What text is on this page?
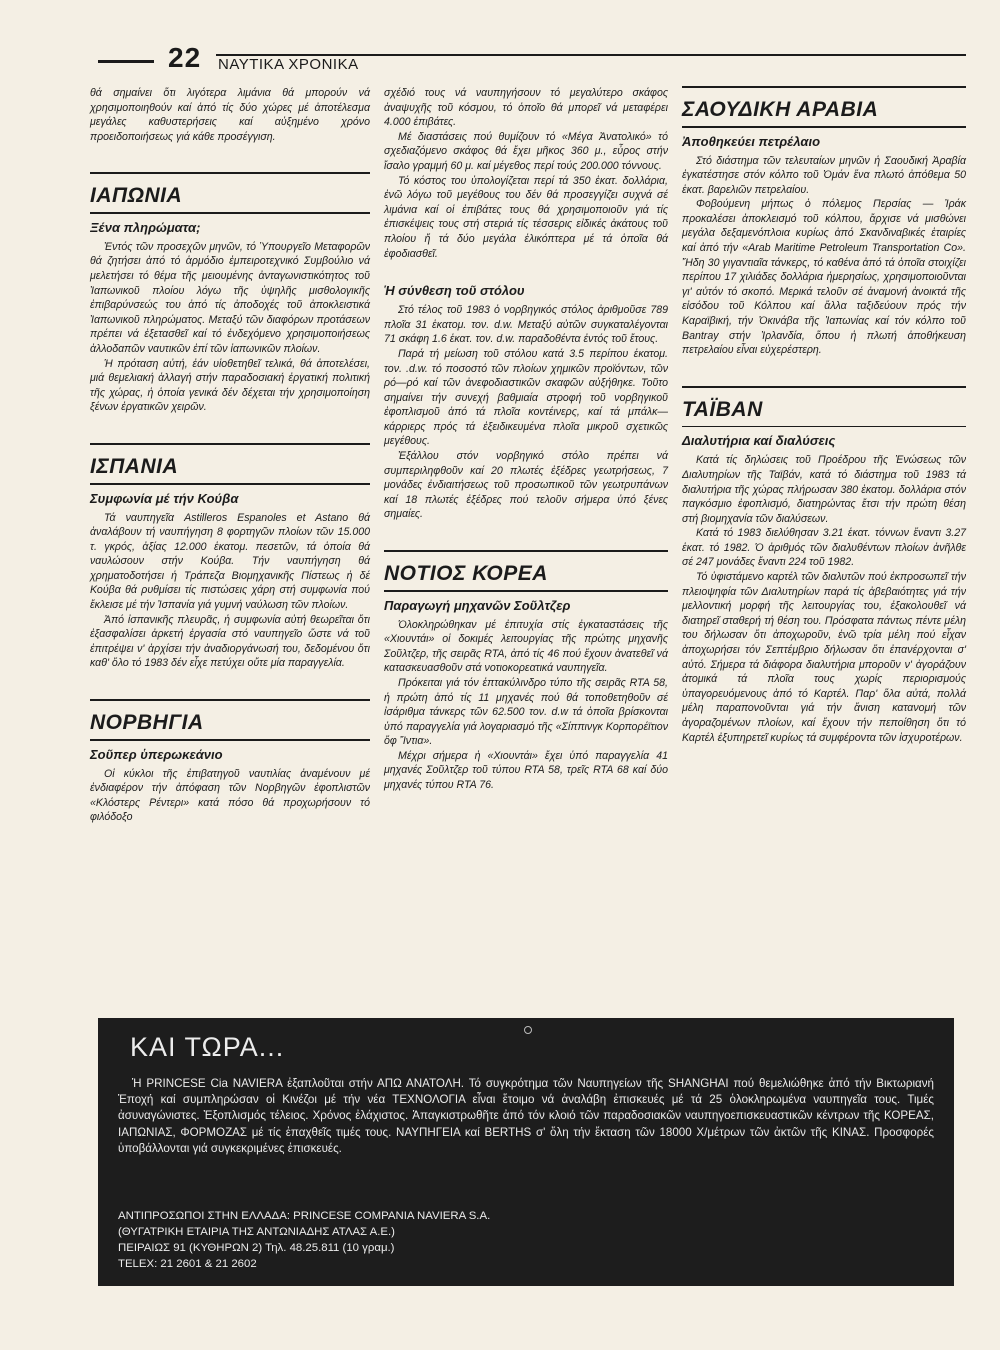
22 ΝΑΥΤΙΚΑ ΧΡΟΝΙΚΑ

θά σημαίνει ὅτι λιγότερα λιμάνια θά μπορούν νά χρησιμοποιηθούν καί ἀπό τίς δύο χώρες μέ ἀποτέλεσμα μεγάλες καθυστερήσεις καί αὐξημένο χρόνο προειδοποιήσεως γιά κάθε προσέγγιση.

ΙΑΠΩΝΙΑ
Ξένα πληρώματα;

Ἐντός τῶν προσεχῶν μηνῶν, τό Ὑπουργεῖο Μεταφορῶν θά ζητήσει ἀπό τό ἁρμόδιο ἐμπειροτεχνικό Συμβούλιο νά μελετήσει τό θέμα τῆς μειουμένης ἀνταγωνιστικότητος τοῦ Ἰαπωνικοῦ πλοίου λόγω τῆς ὑψηλῆς μισθολογικῆς ἐπιβαρύνσεώς του ἀπό τίς ἀποδοχές τοῦ ἀποκλειστικά Ἰαπωνικοῦ πληρώματος. Μεταξύ τῶν διαφόρων προτάσεων πρέπει νά ἐξετασθεῖ καί τό ἐνδεχόμενο χρησιμοποιήσεως ἀλλοδαπῶν ναυτικῶν ἐπί τῶν ἰαπωνικῶν πλοίων.

Ἡ πρόταση αὐτή, ἐάν υἱοθετηθεῖ τελικά, θά ἀποτελέσει, μιά θεμελιακή ἀλλαγή στήν παραδοσιακή ἐργατική πολιτική τῆς χώρας, ἡ ὁποία γενικά δέν δέχεται τήν χρησιμοποίηση ξένων ἐργατικῶν χειρῶν.

ΙΣΠΑΝΙΑ
Συμφωνία μέ τήν Κούβα

Τά ναυπηγεῖα Astilleros Espanoles et Astano θά ἀναλάβουν τή ναυπήγηση 8 φορτηγῶν πλοίων τῶν 15.000 τ. γκρός, ἀξίας 12.000 ἑκατομ. πεσετῶν, τά ὁποία θά ναυλώσουν στήν Κούβα. Τήν ναυπήγηση θά χρηματοδοτήσει ἡ Τράπεζα Βιομηχανικῆς Πίστεως ἡ δέ Κούβα θά ρυθμίσει τίς πιστώσεις χάρη στή συμφωνία πού ἔκλεισε μέ τήν Ἰσπανία γιά γυμνή ναύλωση τῶν πλοίων.

Ἀπό ἰσπανικῆς πλευρᾶς, ἡ συμφωνία αὐτή θεωρεῖται ὅτι ἐξασφαλίσει ἀρκετή ἐργασία στό ναυπηγεῖο ὥστε νά τοῦ ἐπιτρέψει ν' ἀρχίσει τήν ἀναδιοργάνωσή του, δεδομένου ὅτι καθ' ὅλο τό 1983 δέν εἶχε πετύχει οὔτε μία παραγγελία.

ΝΟΡΒΗΓΙΑ
Σοῦπερ ὑπερωκεάνιο

Οἱ κύκλοι τῆς ἐπιβατηγοῦ ναυτιλίας ἀναμένουν μέ ἐνδιαφέρον τήν ἀπόφαση τῶν Νορβηγῶν ἐφοπλιστῶν «Κλόστερς Ρέντερι» κατά πόσο θά προχωρήσουν τό φιλόδοξο

σχέδιό τους νά ναυπηγήσουν τό μεγαλύτερο σκάφος ἀναψυχῆς τοῦ κόσμου, τό ὁποῖο θά μπορεῖ νά μεταφέρει 4.000 ἐπιβάτες.

Μέ διαστάσεις πού θυμίζουν τό «Μέγα Ἀνατολικό» τό σχεδιαζόμενο σκάφος θά ἔχει μῆκος 360 μ., εὖρος στήν ἴσαλο γραμμή 60 μ. καί μέγεθος περί τούς 200.000 τόννους.

Τό κόστος του ὑπολογίζεται περί τά 350 ἑκατ. δολλάρια, ἐνῶ λόγω τοῦ μεγέθους του δέν θά προσεγγίζει συχνά σέ λιμάνια καί οἱ ἐπιβάτες τους θά χρησιμοποιοῦν γιά τίς ἐπισκέψεις τους στή στεριά τίς τέσσερις εἰδικές ἀκάτους τοῦ πλοίου ἤ τά δύο μεγάλα ἑλικόπτερα μέ τά ὁποῖα θά ἐφοδιασθεῖ.

Ἡ σύνθεση τοῦ στόλου

Στό τέλος τοῦ 1983 ὁ νορβηγικός στόλος ἀριθμοῦσε 789 πλοῖα 31 ἑκατομ. τον. d.w. Μεταξύ αὐτῶν συγκαταλέγονται 71 σκάφη 1.6 ἑκατ. τον. d.w. παραδοθέντα ἐντός τοῦ ἔτους.

Παρά τή μείωση τοῦ στόλου κατά 3.5 περίπου ἑκατομ. τον. .d.w. τό ποσοστό τῶν πλοίων χημικῶν προϊόντων, τῶν ρό—ρό καί τῶν ἀνεφοδιαστικῶν σκαφῶν αὐξήθηκε. Τοῦτο σημαίνει τήν συνεχή βαθμιαία στροφή τοῦ νορβηγικοῦ ἐφοπλισμοῦ ἀπό τά πλοῖα κοντέινερς, καί τά μπάλκ—κάρριερς πρός τά ἐξειδικευμένα πλοῖα μικροῦ σχετικῶς μεγέθους.

Ἐξάλλου στόν νορβηγικό στόλο πρέπει νά συμπεριληφθοῦν καί 20 πλωτές ἐξέδρες γεωτρήσεως, 7 μονάδες ἐνδιαιτήσεως τοῦ προσωπικοῦ τῶν γεωτρυπάνων καί 18 πλωτές ἐξέδρες πού τελοῦν σήμερα ὑπό ξένες σημαίες.

ΝΟΤΙΟΣ ΚΟΡΕΑ
Παραγωγή μηχανῶν Σοῦλτζερ

Ὁλοκληρώθηκαν μέ ἐπιτυχία στίς ἐγκαταστάσεις τῆς «Χιουντάι» οἱ δοκιμές λειτουργίας τῆς πρώτης μηχανῆς Σοῦλτζερ, τῆς σειρᾶς RTA, ἀπό τίς 46 πού ἔχουν ἀνατεθεῖ νά κατασκευασθοῦν στά νοτιοκορεατικά ναυπηγεῖα.

Πρόκειται γιά τόν ἑπτακύλινδρο τύπο τῆς σειρᾶς RTA 58, ἡ πρώτη ἀπό τίς 11 μηχανές πού θά τοποθετηθοῦν σέ ἰσάριθμα τάνκερς τῶν 62.500 τον. d.w τά ὁποῖα βρίσκονται ὑπό παραγγελία γιά λογαριασμό τῆς «Σίππινγκ Κορπορέϊτιον ὄφ Ἴντια».

Μέχρι σήμερα ἡ «Χιουντάι» ἔχει ὑπό παραγγελία 41 μηχανές Σοῦλτζερ τοῦ τύπου RTA 58, τρεῖς RTA 68 καί δύο μηχανές τύπου RTA 76.

ΣΑΟΥΔΙΚΗ ΑΡΑΒΙΑ
Ἀποθηκεύει πετρέλαιο

Στό διάστημα τῶν τελευταίων μηνῶν ἡ Σαουδική Ἀραβία ἐγκατέστησε στόν κόλπο τοῦ Ὀμάν ἕνα πλωτό ἀπόθεμα 50 ἑκατ. βαρελιῶν πετρελαίου.

Φοβούμενη μήπως ὁ πόλεμος Περσίας — Ἰράκ προκαλέσει ἀποκλεισμό τοῦ κόλπου, ἄρχισε νά μισθώνει μεγάλα δεξαμενόπλοια κυρίως ἀπό Σκανδιναβικές ἑταιρίες καί ἀπό τήν «Arab Maritime Petroleum Transportation Co». Ἤδη 30 γιγαντιαῖα τάνκερς, τό καθένα ἀπό τά ὁποῖα στοιχίζει περίπου 17 χιλιάδες δολλάρια ἡμερησίως, χρησιμοποιοῦνται γι' αὐτόν τό σκοπό. Μερικά τελοῦν σέ ἀναμονή ἀνοικτά τῆς εἰσόδου τοῦ Κόλπου καί ἄλλα ταξιδεύουν πρός τήν Καραϊβική, τήν Ὀκινάβα τῆς Ἰαπωνίας καί τόν κόλπο τοῦ Bantray στήν Ἰρλανδία, ὅπου ἡ πλωτή ἀποθήκευση πετρελαίου εἶναι εὐχερέστερη.

ΤΑΪΒΑΝ
Διαλυτήρια καί διαλύσεις

Κατά τίς δηλώσεις τοῦ Προέδρου τῆς Ἑνώσεως τῶν Διαλυτηρίων τῆς Ταϊβάν, κατά τό διάστημα τοῦ 1983 τά διαλυτήρια τῆς χώρας πλήρωσαν 380 ἑκατομ. δολλάρια στόν παγκόσμιο ἐφοπλισμό, διατηρώντας ἔτσι τήν πρώτη θέση στή βιομηχανία τῶν διαλύσεων.

Κατά τό 1983 διελύθησαν 3.21 ἑκατ. τόννων ἔναντι 3.27 ἑκατ. τό 1982. Ὁ ἀριθμός τῶν διαλυθέντων πλοίων ἀνῆλθε σέ 247 μονάδες ἔναντι 224 τοῦ 1982.

Τό ὑφιστάμενο καρτέλ τῶν διαλυτῶν πού ἐκπροσωπεῖ τήν πλειοψηφία τῶν Διαλυτηρίων παρά τίς ἀβεβαιότητες γιά τήν μελλοντική μορφή τῆς λειτουργίας του, ἐξακολουθεῖ νά διατηρεῖ σταθερή τή θέση του. Πρόσφατα πάντως πέντε μέλη του δήλωσαν ὅτι ἀποχωροῦν, ἐνῶ τρία μέλη πού εἶχαν ἀποχωρήσει τόν Σεπτέμβριο δήλωσαν ὅτι ἐπανέρχονται σ' αὐτό. Σήμερα τά διάφορα διαλυτήρια μποροῦν ν' ἀγοράζουν ἀτομικά τά πλοῖα τους χωρίς περιορισμούς ὑπαγορευόμενους ἀπό τό Καρτέλ. Παρ' ὅλα αὐτά, πολλά μέλη παραπονοῦνται γιά τήν ἄνιση κατανομή τῶν ἀγοραζομένων πλοίων, καί ἔχουν τήν πεποίθηση ὅτι τό Καρτέλ ἐξυπηρετεῖ κυρίως τά συμφέροντα τῶν ἰσχυροτέρων.

ΚΑΙ ΤΩΡΑ...
Ἡ PRINCESE Cia NAVIERA ἐξαπλοῦται στήν ΑΠΩ ΑΝΑΤΟΛΗ. Τό συγκρότημα τῶν Ναυπηγείων τῆς SHANGHAI πού θεμελιώθηκε ἀπό τήν Βικτωριανή Ἐποχή καί συμπληρώσαν οἱ Κινέζοι μέ τήν νέα ΤΕΧΝΟΛΟΓΙΑ εἶναι ἕτοιμο νά ἀναλάβη ἐπισκευές μέ τά 25 ὁλοκληρωμένα ναυπηγεῖα τους. Τιμές ἀσυναγώνιστες. Ἐξοπλισμός τέλειος. Χρόνος ἐλάχιστος. Ἀπαγκιστρωθῆτε ἀπό τόν κλοιό τῶν παραδοσιακῶν ναυπηγοεπισκευαστικῶν κέντρων τῆς ΚΟΡΕΑΣ, ΙΑΠΩΝΙΑΣ, ΦΟΡΜΟΖΑΣ μέ τίς ἐπαχθεῖς τιμές τους. ΝΑΥΠΗΓΕΙΑ καί BERTHS σ' ὅλη τήν ἔκταση τῶν 18000 Χ/μέτρων τῶν ἀκτῶν τῆς ΚΙΝΑΣ. Προσφορές ὑποβάλλονται γιά συγκεκριμένες ἐπισκευές.
ΑΝΤΙΠΡΟΣΩΠΟΙ ΣΤΗΝ ΕΛΛΑΔΑ: PRINCESE COMPANIA NAVIERA S.A.
(ΘΥΓΑΤΡΙΚΗ ΕΤΑΙΡΙΑ ΤΗΣ ΑΝΤΩΝΙΑΔΗΣ ΑΤΛΑΣ Α.Ε.)
ΠΕΙΡΑΙΩΣ 91 (ΚΥΘΗΡΩΝ 2) Τηλ. 48.25.811 (10 γραμ.)
TELEX: 21 2601 & 21 2602
